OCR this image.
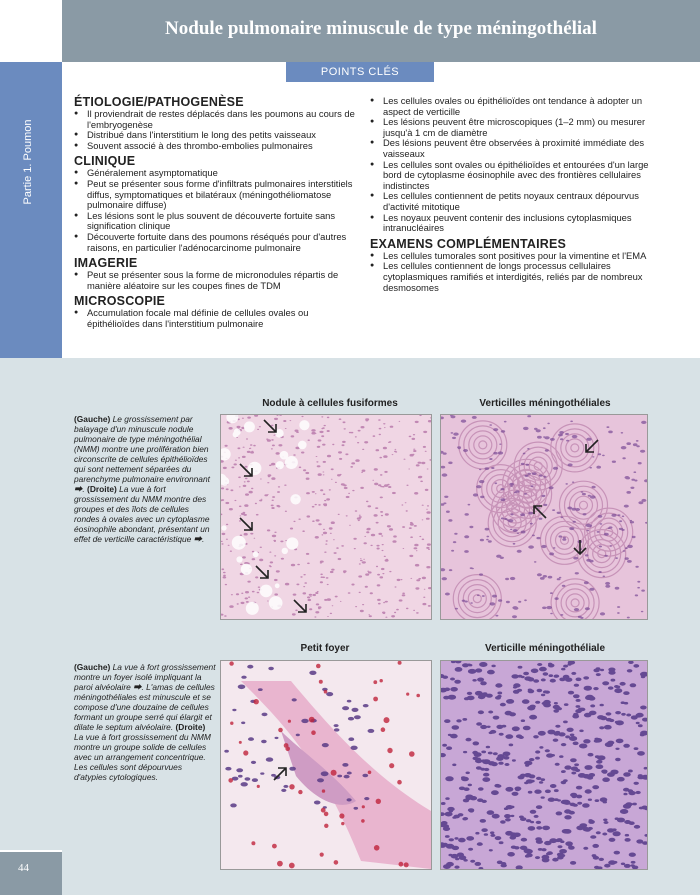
Nodule pulmonaire minuscule de type méningothélial
Partie 1. Poumon
44
POINTS CLÉS
ÉTIOLOGIE/PATHOGENÈSE
● Il proviendrait de restes déplacés dans les poumons au cours de l'embryogenèse
● Distribué dans l'interstitium le long des petits vaisseaux
● Souvent associé à des thrombo-embolies pulmonaires
CLINIQUE
● Généralement asymptomatique
● Peut se présenter sous forme d'infiltrats pulmonaires interstitiels diffus, symptomatiques et bilatéraux (méningothéliomatose pulmonaire diffuse)
● Les lésions sont le plus souvent de découverte fortuite sans signification clinique
● Découverte fortuite dans des poumons réséqués pour d'autres raisons, en particulier l'adénocarcinome pulmonaire
IMAGERIE
● Peut se présenter sous la forme de micronodules répartis de manière aléatoire sur les coupes fines de TDM
MICROSCOPIE
● Accumulation focale mal définie de cellules ovales ou épithélioïdes dans l'interstitium pulmonaire
● Les cellules ovales ou épithélioïdes ont tendance à adopter un aspect de verticille
● Les lésions peuvent être microscopiques (1–2 mm) ou mesurer jusqu'à 1 cm de diamètre
● Des lésions peuvent être observées à proximité immédiate des vaisseaux
● Les cellules sont ovales ou épithélioïdes et entourées d'un large bord de cytoplasme éosinophile avec des frontières cellulaires indistinctes
● Les cellules contiennent de petits noyaux centraux dépourvus d'activité mitotique
● Les noyaux peuvent contenir des inclusions cytoplasmiques intranucléaires
EXAMENS COMPLÉMENTAIRES
● Les cellules tumorales sont positives pour la vimentine et l'EMA
● Les cellules contiennent de longs processus cellulaires cytoplasmiques ramifiés et interdigités, reliés par de nombreux desmosomes
Nodule à cellules fusiformes	Verticilles méningothéliales
Petit foyer	Verticille méningothéliale
(Gauche) Le grossissement par balayage d'un minuscule nodule pulmonaire de type méningothélial (NMM) montre une prolifération bien circonscrite de cellules épithélioïdes qui sont nettement séparées du parenchyme pulmonaire environnant ⮕. (Droite) La vue à fort grossissement du NMM montre des groupes et des îlots de cellules rondes à ovales avec un cytoplasme éosinophile abondant, présentant un effet de verticille caractéristique ⮕.
(Gauche) La vue à fort grossissement montre un foyer isolé impliquant la paroi alvéolaire ⮕. L'amas de cellules méningothéliales est minuscule et se compose d'une douzaine de cellules formant un groupe serré qui élargit et dilate le septum alvéolaire. (Droite) La vue à fort grossissement du NMM montre un groupe solide de cellules avec un arrangement concentrique. Les cellules sont dépourvues d'atypies cytologiques.
